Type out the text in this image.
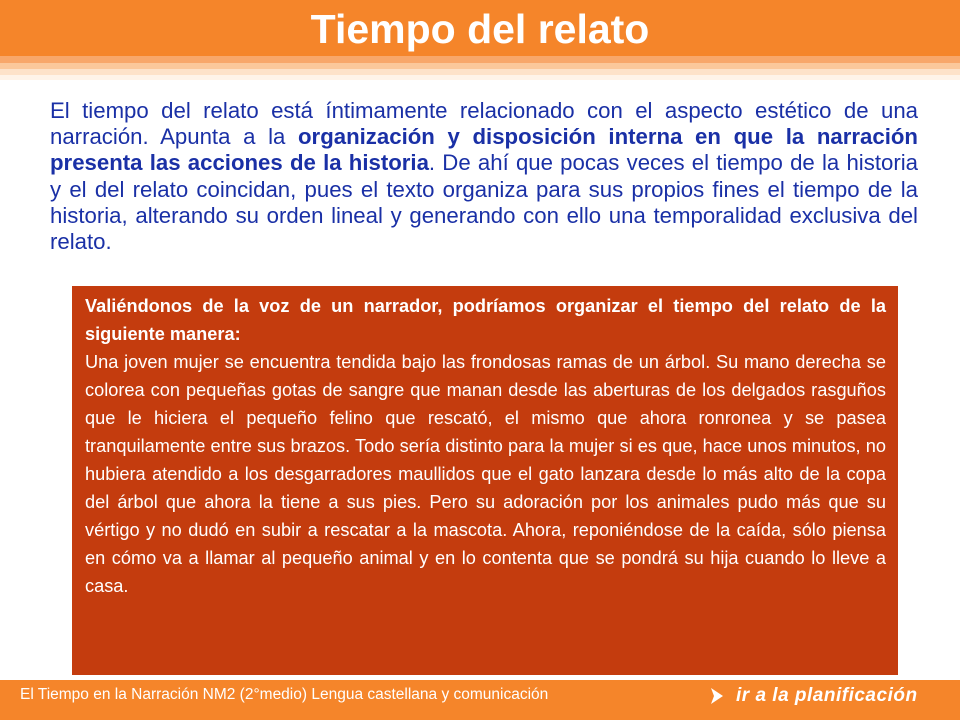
Tiempo del relato

El tiempo del relato está íntimamente relacionado con el aspecto estético de una narración. Apunta a la organización y disposición interna en que la narración presenta las acciones de la historia. De ahí que pocas veces el tiempo de la historia y el del relato coincidan, pues el texto organiza para sus propios fines el tiempo de la historia, alterando su orden lineal y generando con ello una temporalidad exclusiva del relato.

Valiéndonos de la voz de un narrador, podríamos organizar el tiempo del relato de la siguiente manera:

Una joven mujer se encuentra tendida bajo las frondosas ramas de un árbol. Su mano derecha se colorea con pequeñas gotas de sangre que manan desde las aberturas de los delgados rasguños que le hiciera el pequeño felino que rescató, el mismo que ahora ronronea y se pasea tranquilamente entre sus brazos. Todo sería distinto para la mujer si es que, hace unos minutos, no hubiera atendido a los desgarradores maullidos que el gato lanzara desde lo más alto de la copa del árbol que ahora la tiene a sus pies. Pero su adoración por los animales pudo más que su vértigo y no dudó en subir a rescatar a la mascota. Ahora, reponiéndose de la caída, sólo piensa en cómo va a llamar al pequeño animal y en lo contenta que se pondrá su hija cuando lo lleve a casa.

El Tiempo en la Narración NM2 (2°medio) Lengua castellana y comunicación	ir a la planificación
